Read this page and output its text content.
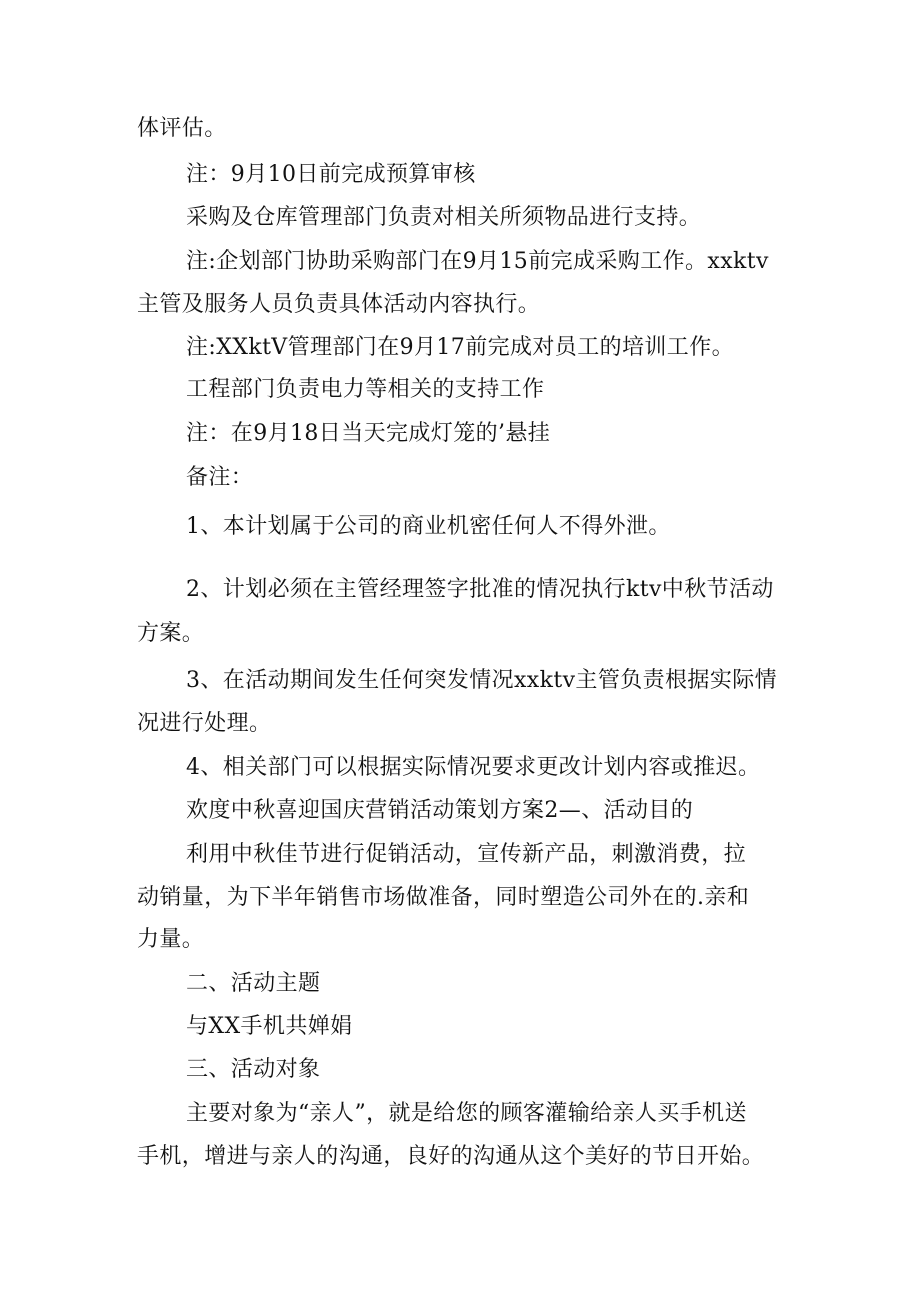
体评估。
注：9月10日前完成预算审核
采购及仓库管理部门负责对相关所须物品进行支持。
注:企划部门协助采购部门在9月15前完成采购工作。xxktv
主管及服务人员负责具体活动内容执行。
注:XXktV管理部门在9月17前完成对员工的培训工作。
工程部门负责电力等相关的支持工作
注：在9月18日当天完成灯笼的’悬挂
备注：
1、本计划属于公司的商业机密任何人不得外泄。
2、计划必须在主管经理签字批准的情况执行ktv中秋节活动
方案。
3、在活动期间发生任何突发情况xxktv主管负责根据实际情
况进行处理。
4、相关部门可以根据实际情况要求更改计划内容或推迟。
欢度中秋喜迎国庆营销活动策划方案2—、活动目的
利用中秋佳节进行促销活动，宣传新产品，刺激消费，拉
动销量，为下半年销售市场做准备，同时塑造公司外在的.亲和
力量。
二、活动主题
与XX手机共婵娟
三、活动对象
主要对象为“亲人”，就是给您的顾客灌输给亲人买手机送
手机，增进与亲人的沟通，良好的沟通从这个美好的节日开始。
